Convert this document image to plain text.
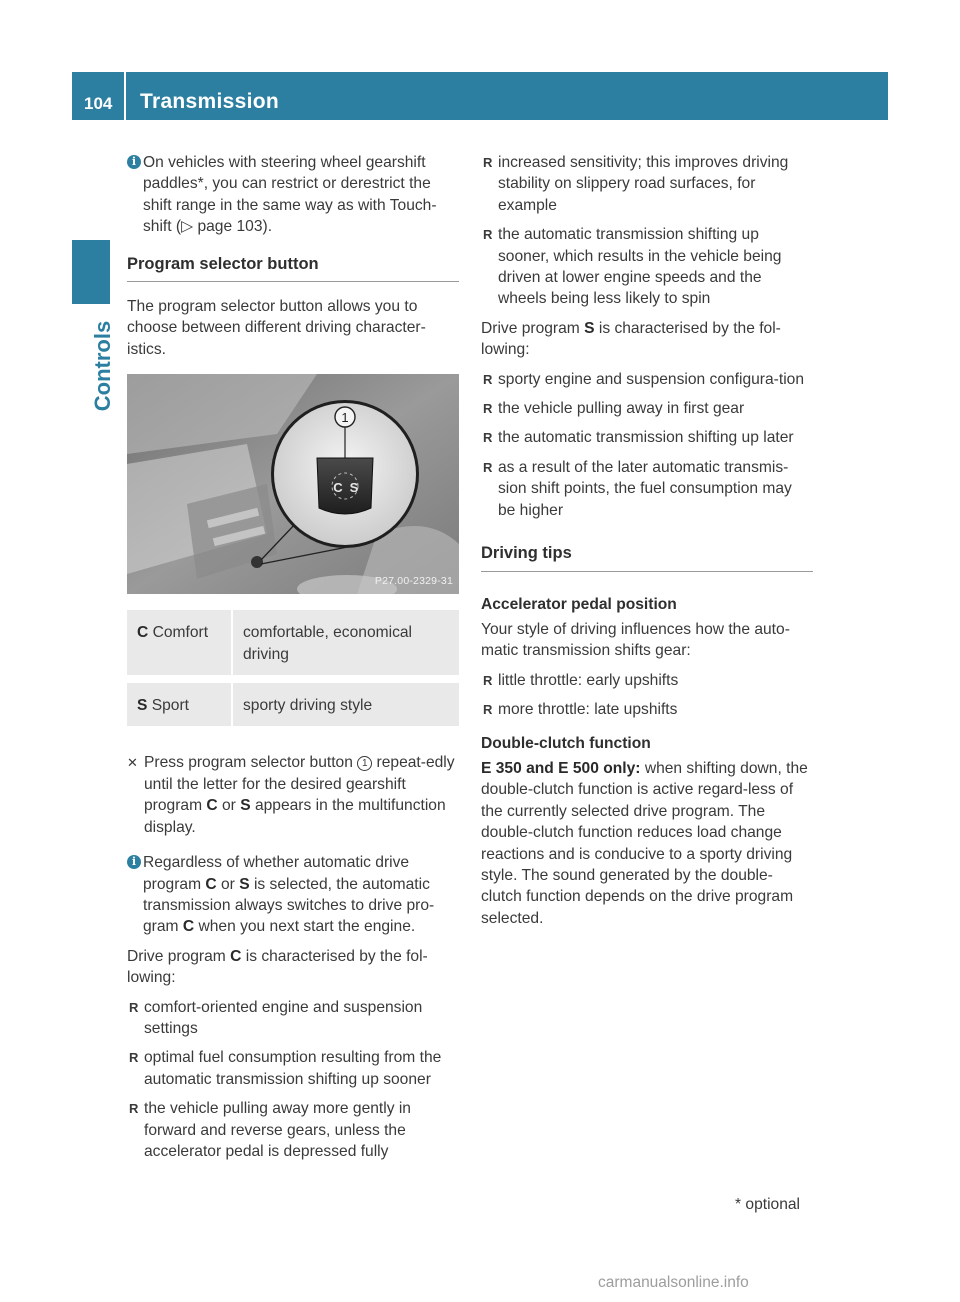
104 Transmission
Controls

i On vehicles with steering wheel gearshift paddles*, you can restrict or derestrict the shift range in the same way as with Touch-shift (▷ page 103).

Program selector button

The program selector button allows you to choose between different driving character-istics.

1
C S
P27.00-2329-31
C Comfort	comfortable, economical driving
S Sport	sporty driving style

✕ Press program selector button 1 repeat-edly until the letter for the desired gearshift program C or S appears in the multifunction display.

i Regardless of whether automatic drive program C or S is selected, the automatic transmission always switches to drive pro-gram C when you next start the engine.

Drive program C is characterised by the fol-lowing:

R comfort-oriented engine and suspension settings
R optimal fuel consumption resulting from the automatic transmission shifting up sooner
R the vehicle pulling away more gently in forward and reverse gears, unless the accelerator pedal is depressed fully
R increased sensitivity; this improves driving stability on slippery road surfaces, for example
R the automatic transmission shifting up sooner, which results in the vehicle being driven at lower engine speeds and the wheels being less likely to spin

Drive program S is characterised by the fol-lowing:

R sporty engine and suspension configura-tion
R the vehicle pulling away in first gear
R the automatic transmission shifting up later
R as a result of the later automatic transmis-sion shift points, the fuel consumption may be higher
Driving tips
Accelerator pedal position

Your style of driving influences how the auto-matic transmission shifts gear:

R little throttle: early upshifts
R more throttle: late upshifts
Double-clutch function

E 350 and E 500 only: when shifting down, the double-clutch function is active regard-less of the currently selected drive program. The double-clutch function reduces load change reactions and is conducive to a sporty driving style. The sound generated by the double-clutch function depends on the drive program selected.

* optional
carmanualsonline.info
